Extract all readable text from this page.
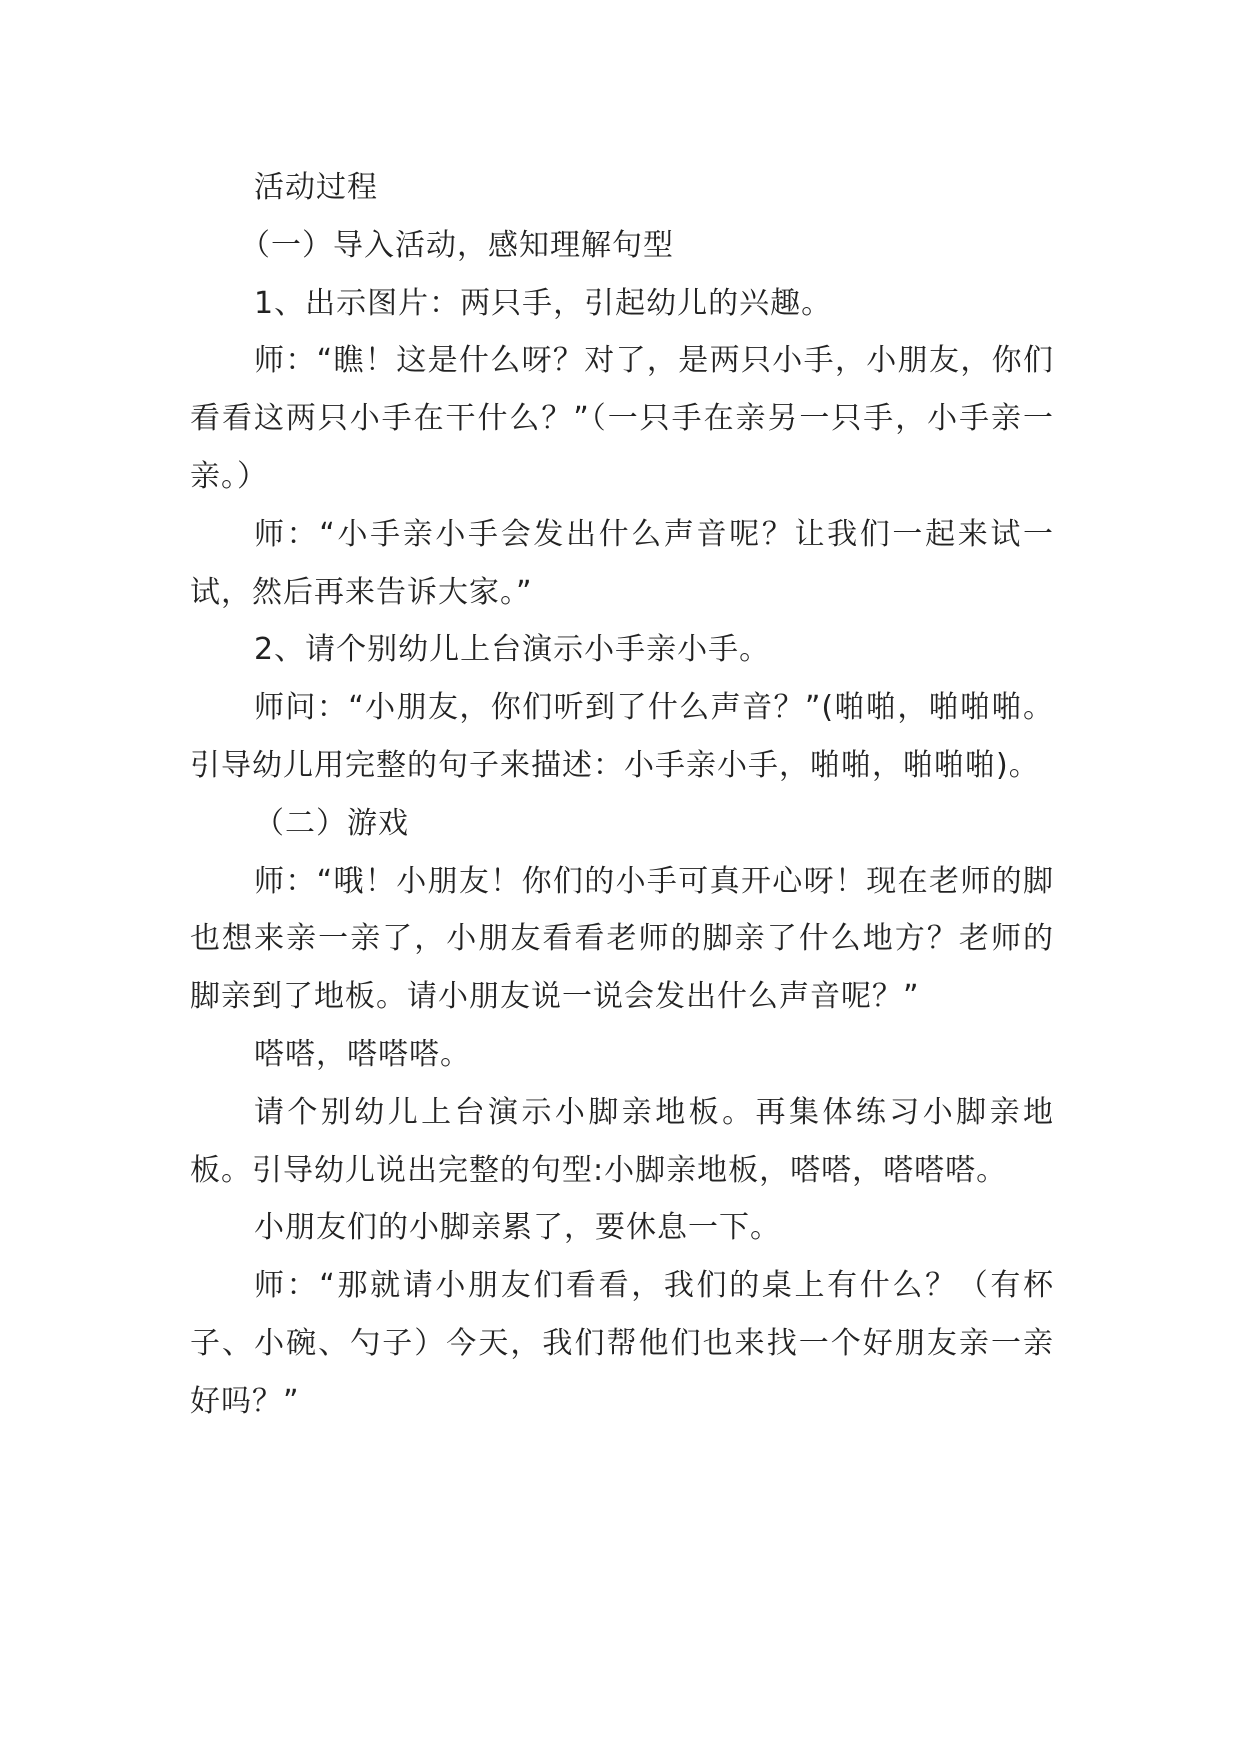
活动过程

（一）导入活动，感知理解句型

1、出示图片：两只手，引起幼儿的兴趣。

师：“瞧！这是什么呀？对了，是两只小手，小朋友，你们看看这两只小手在干什么？”（一只手在亲另一只手，小手亲一亲。）

师：“小手亲小手会发出什么声音呢？让我们一起来试一试，然后再来告诉大家。”

2、请个别幼儿上台演示小手亲小手。

师问：“小朋友，你们听到了什么声音？”(啪啪，啪啪啪。引导幼儿用完整的句子来描述：小手亲小手，啪啪，啪啪啪)。

（二）游戏

师：“哦！小朋友！你们的小手可真开心呀！现在老师的脚也想来亲一亲了，小朋友看看老师的脚亲了什么地方？老师的脚亲到了地板。请小朋友说一说会发出什么声音呢？”

嗒嗒，嗒嗒嗒。

请个别幼儿上台演示小脚亲地板。再集体练习小脚亲地板。引导幼儿说出完整的句型:小脚亲地板，嗒嗒，嗒嗒嗒。

小朋友们的小脚亲累了，要休息一下。

师：“那就请小朋友们看看，我们的桌上有什么？（有杯子、小碗、勺子）今天，我们帮他们也来找一个好朋友亲一亲好吗？”
